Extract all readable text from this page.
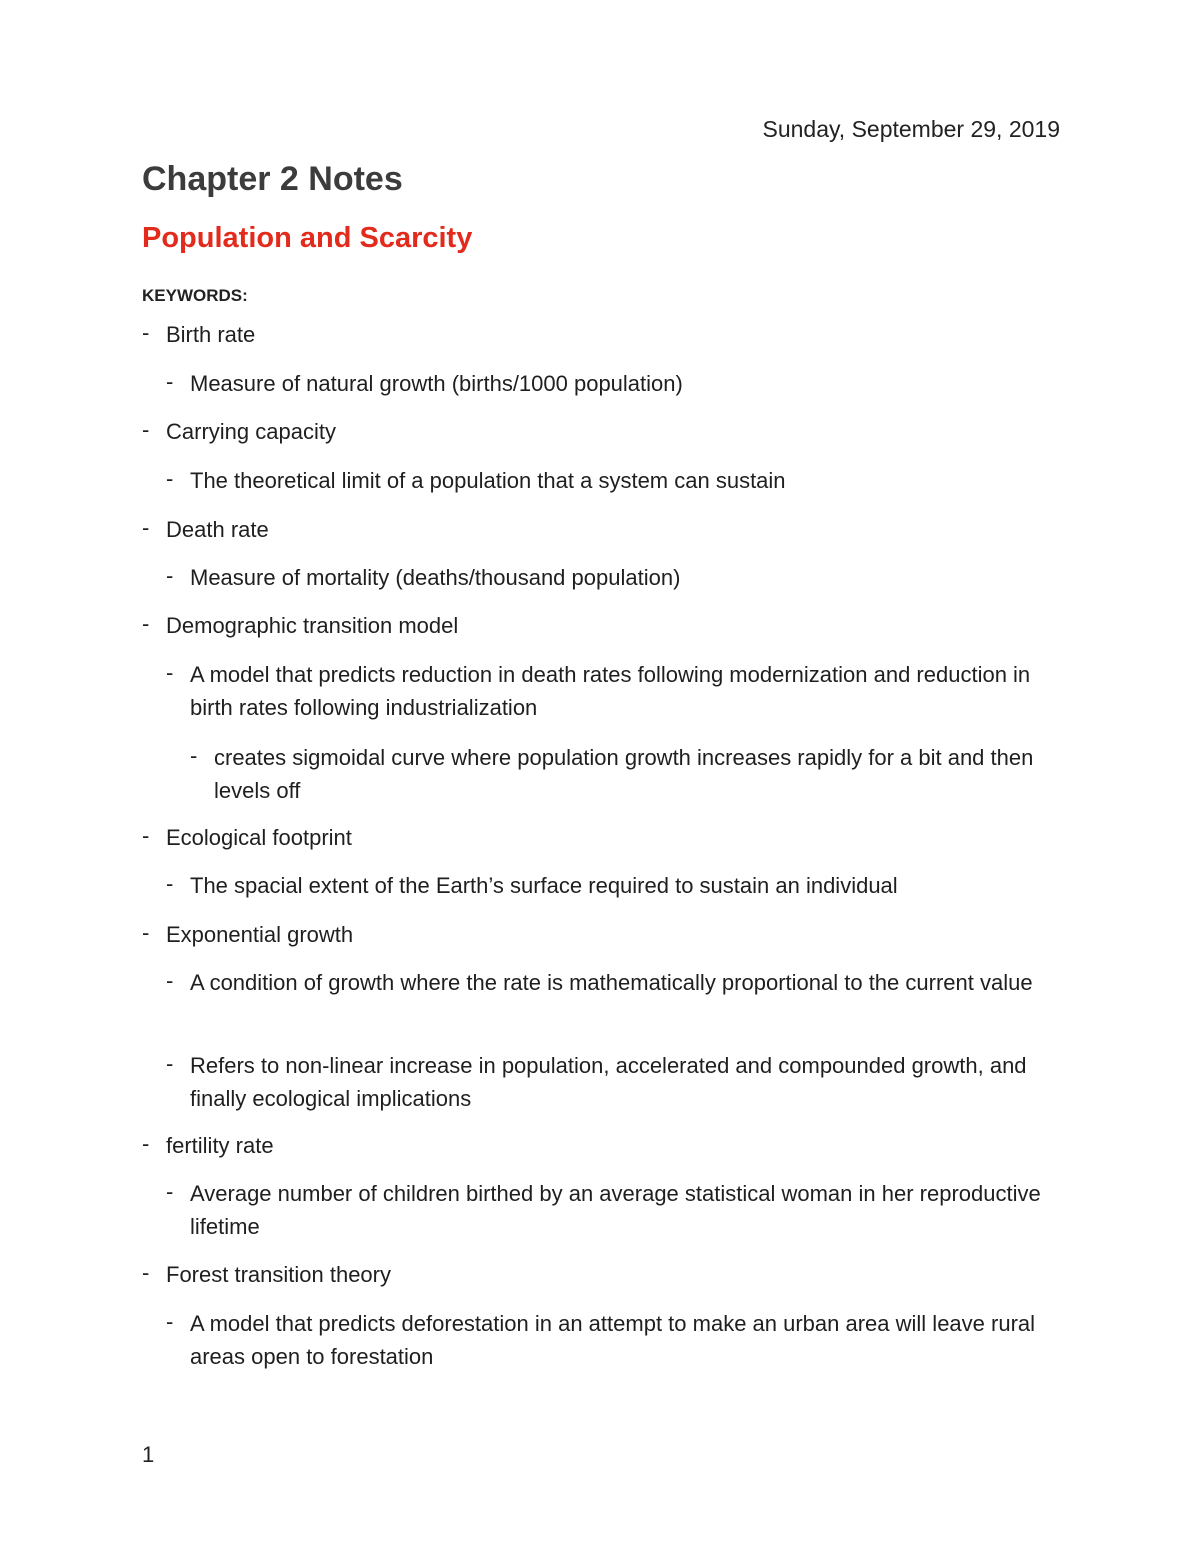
Sunday, September 29, 2019
Chapter 2 Notes
Population and Scarcity
KEYWORDS:
- Birth rate
- Measure of natural growth (births/1000 population)
- Carrying capacity
- The theoretical limit of a population that a system can sustain
- Death rate
- Measure of mortality (deaths/thousand population)
- Demographic transition model
- A model that predicts reduction in death rates following modernization and reduction in birth rates following industrialization
- creates sigmoidal curve where population growth increases rapidly for a bit and then levels off
- Ecological footprint
- The spacial extent of the Earth’s surface required to sustain an individual
- Exponential growth
- A condition of growth where the rate is mathematically proportional to the current value
- Refers to non-linear increase in population, accelerated and compounded growth, and finally ecological implications
- fertility rate
- Average number of children birthed by an average statistical woman in her reproductive lifetime
- Forest transition theory
- A model that predicts deforestation in an attempt to make an urban area will leave rural areas open to forestation
1
